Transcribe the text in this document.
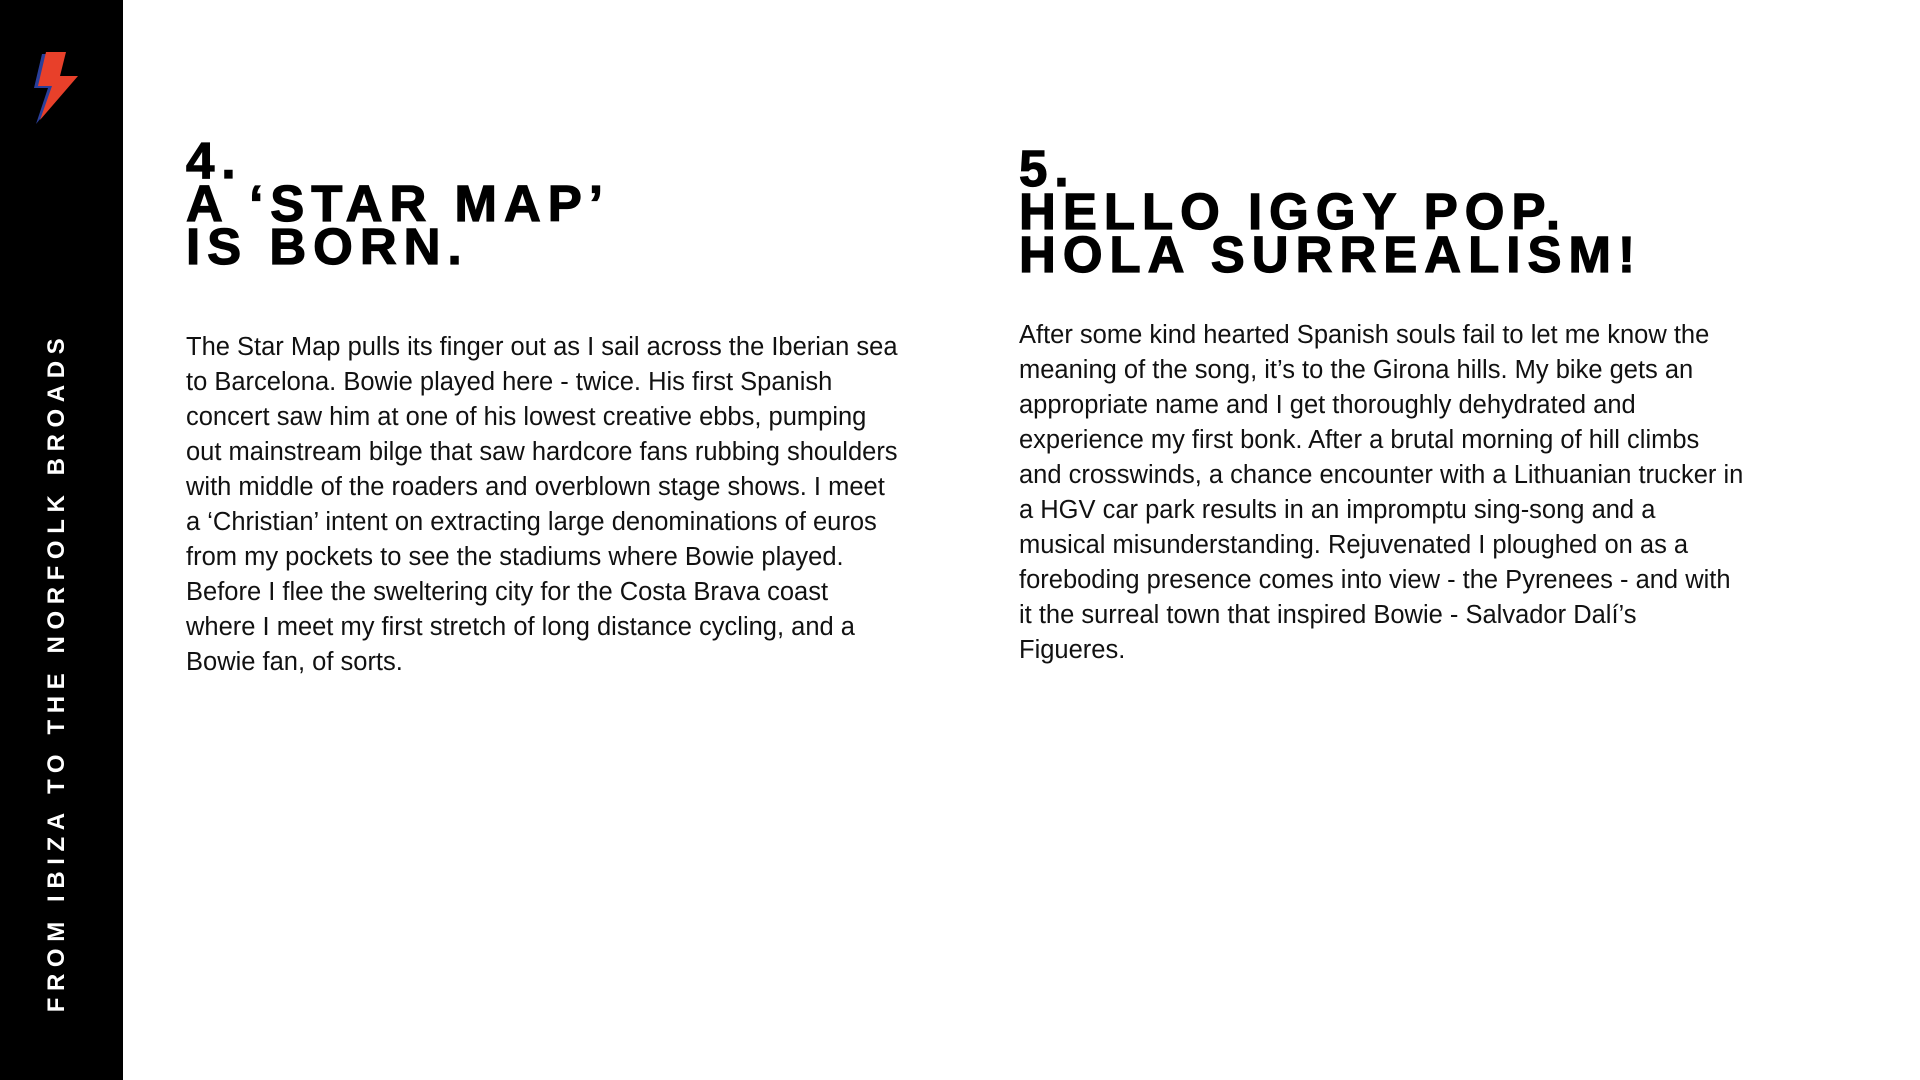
FROM IBIZA TO THE NORFOLK BROADS
4.
A ‘STAR MAP’
IS BORN.

The Star Map pulls its finger out as I sail across the Iberian sea
to Barcelona. Bowie played here - twice. His first Spanish
concert saw him at one of his lowest creative ebbs, pumping
out mainstream bilge that saw hardcore fans rubbing shoulders
with middle of the roaders and overblown stage shows. I meet
a ‘Christian’ intent on extracting large denominations of euros
from my pockets to see the stadiums where Bowie played.
Before I flee the sweltering city for the Costa Brava coast
where I meet my first stretch of long distance cycling, and a
Bowie fan, of sorts.

5.
HELLO IGGY POP.
HOLA SURREALISM!

After some kind hearted Spanish souls fail to let me know the
meaning of the song, it’s to the Girona hills. My bike gets an
appropriate name and I get thoroughly dehydrated and
experience my first bonk. After a brutal morning of hill climbs
and crosswinds, a chance encounter with a Lithuanian trucker in
a HGV car park results in an impromptu sing-song and a
musical misunderstanding. Rejuvenated I ploughed on as a
foreboding presence comes into view - the Pyrenees - and with
it the surreal town that inspired Bowie - Salvador Dalí’s
Figueres.
